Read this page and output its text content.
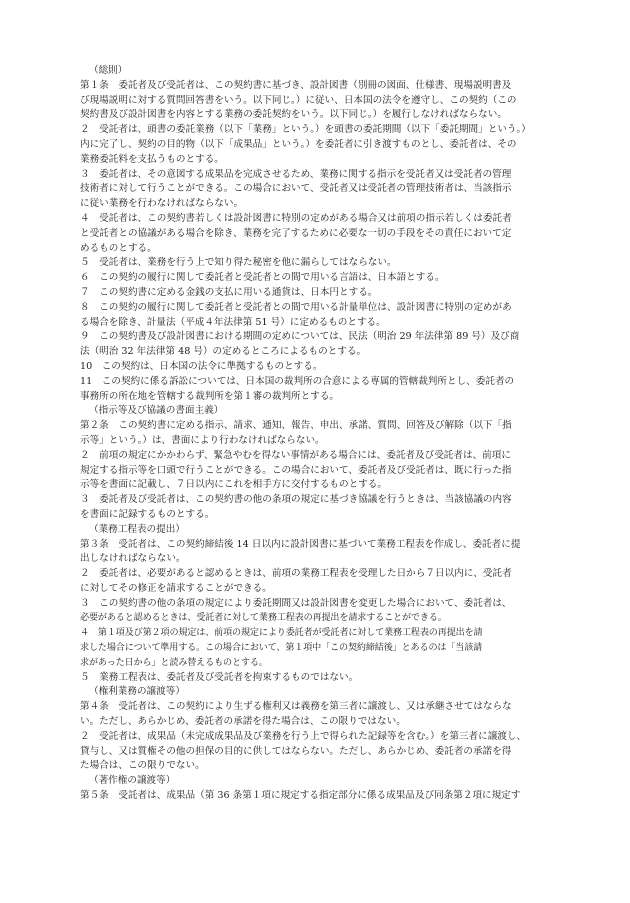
（総則）
第１条　委託者及び受託者は、この契約書に基づき、設計図書（別冊の図面、仕様書、現場説明書及
び現場説明に対する質問回答書をいう。以下同じ。）に従い、日本国の法令を遵守し、この契約（この
契約書及び設計図書を内容とする業務の委託契約をいう。以下同じ。）を履行しなければならない。
２　受託者は、頭書の委託業務（以下「業務」という。）を頭書の委託期間（以下「委託期間」という。）
内に完了し、契約の目的物（以下「成果品」という。）を委託者に引き渡すものとし、委託者は、その
業務委託料を支払うものとする。
３　委託者は、その意図する成果品を完成させるため、業務に関する指示を受託者又は受託者の管理
技術者に対して行うことができる。この場合において、受託者又は受託者の管理技術者は、当該指示
に従い業務を行わなければならない。
４　受託者は、この契約書若しくは設計図書に特別の定めがある場合又は前項の指示若しくは委託者
と受託者との協議がある場合を除き、業務を完了するために必要な一切の手段をその責任において定
めるものとする。
５　受託者は、業務を行う上で知り得た秘密を他に漏らしてはならない。
６　この契約の履行に関して委託者と受託者との間で用いる言語は、日本語とする。
７　この契約書に定める金銭の支払に用いる通貨は、日本円とする。
８　この契約の履行に関して委託者と受託者との間で用いる計量単位は、設計図書に特別の定めがあ
る場合を除き、計量法（平成４年法律第 51 号）に定めるものとする。
９　この契約書及び設計図書における期間の定めについては、民法（明治 29 年法律第 89 号）及び商
法（明治 32 年法律第 48 号）の定めるところによるものとする。
10　この契約は、日本国の法令に準拠するものとする。
11　この契約に係る訴訟については、日本国の裁判所の合意による専属的管轄裁判所とし、委託者の
事務所の所在地を管轄する裁判所を第１審の裁判所とする。
（指示等及び協議の書面主義）
第２条　この契約書に定める指示、請求、通知、報告、申出、承諾、質問、回答及び解除（以下「指
示等」という。）は、書面により行わなければならない。
２　前項の規定にかかわらず、緊急やむを得ない事情がある場合には、委託者及び受託者は、前項に
規定する指示等を口頭で行うことができる。この場合において、委託者及び受託者は、既に行った指
示等を書面に記載し、７日以内にこれを相手方に交付するものとする。
３　委託者及び受託者は、この契約書の他の条項の規定に基づき協議を行うときは、当該協議の内容
を書面に記録するものとする。
（業務工程表の提出）
第３条　受託者は、この契約締結後 14 日以内に設計図書に基づいて業務工程表を作成し、委託者に提
出しなければならない。
２　委託者は、必要があると認めるときは、前項の業務工程表を受理した日から７日以内に、受託者
に対してその修正を請求することができる。
３　この契約書の他の条項の規定により委託期間又は設計図書を変更した場合において、委託者は、
必要があると認めるときは、受託者に対して業務工程表の再提出を請求することができる。
４　第１項及び第２項の規定は、前項の規定により委託者が受託者に対して業務工程表の再提出を請
求した場合について準用する。この場合において、第１項中「この契約締結後」とあるのは「当該請
求があった日から」と読み替えるものとする。
５　業務工程表は、委託者及び受託者を拘束するものではない。
（権利業務の譲渡等）
第４条　受託者は、この契約により生ずる権利又は義務を第三者に譲渡し、又は承継させてはならな
い。ただし、あらかじめ、委託者の承諾を得た場合は、この限りではない。
２　受託者は、成果品（未完成成果品及び業務を行う上で得られた記録等を含む。）を第三者に譲渡し、
貸与し、又は質権その他の担保の目的に供してはならない。ただし、あらかじめ、委託者の承諾を得
た場合は、この限りでない。
（著作権の譲渡等）
第５条　受託者は、成果品（第 36 条第１項に規定する指定部分に係る成果品及び同条第２項に規定す
